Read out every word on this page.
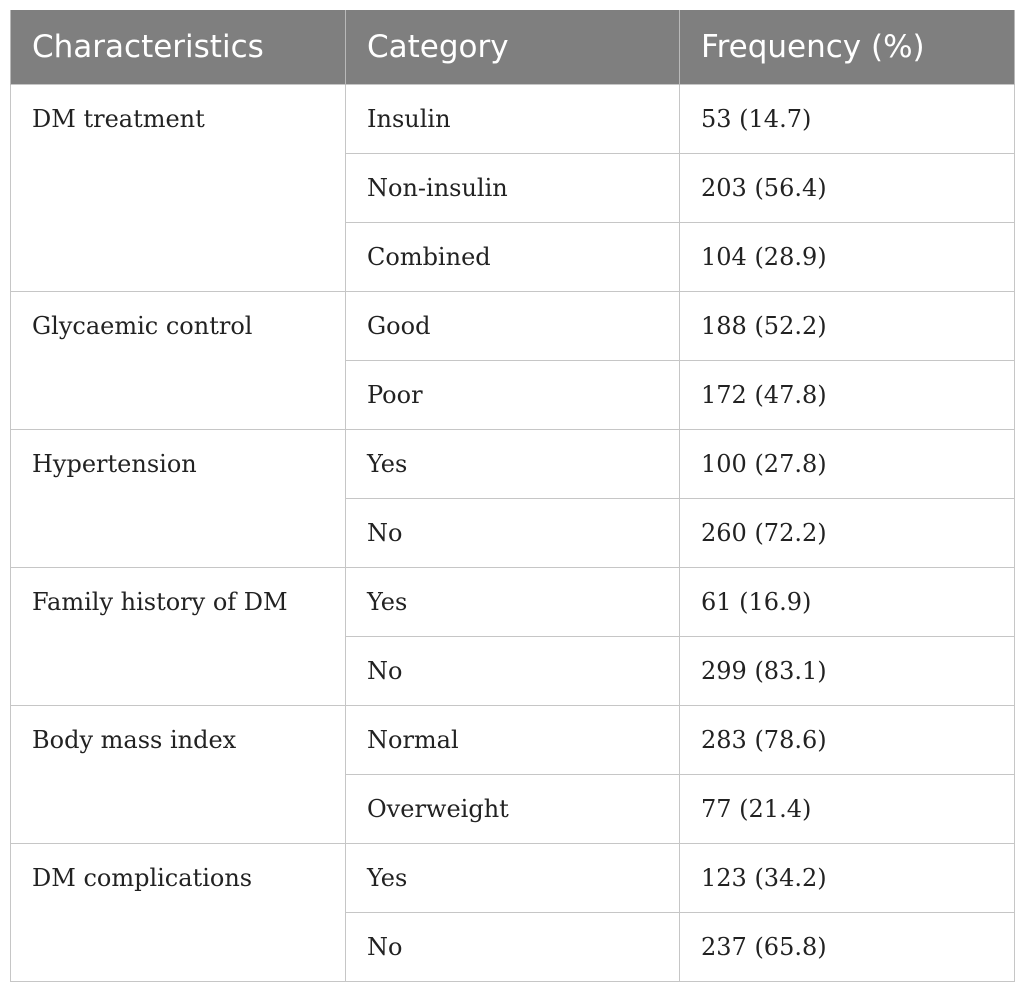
Characteristics	Category	Frequency (%)
DM treatment	Insulin	53 (14.7)
	Non-insulin	203 (56.4)
	Combined	104 (28.9)
Glycaemic control	Good	188 (52.2)
	Poor	172 (47.8)
Hypertension	Yes	100 (27.8)
	No	260 (72.2)
Family history of DM	Yes	61 (16.9)
	No	299 (83.1)
Body mass index	Normal	283 (78.6)
	Overweight	77 (21.4)
DM complications	Yes	123 (34.2)
	No	237 (65.8)
